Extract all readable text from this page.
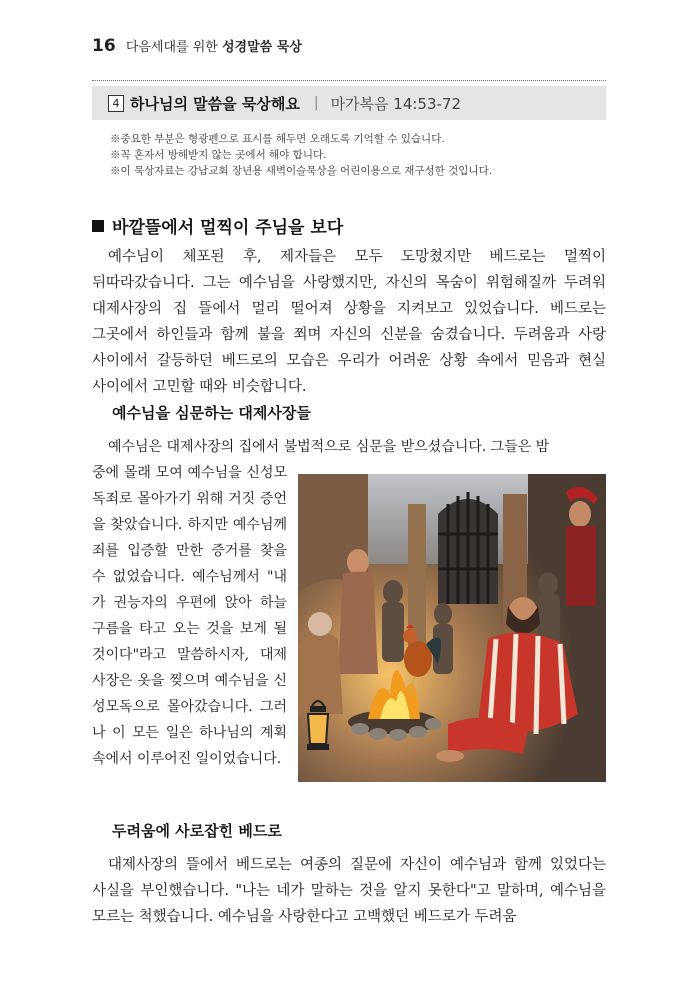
16 다음세대를 위한 성경말씀 묵상
4 하나님의 말씀을 묵상해요 | 마가복음 14:53-72
※중요한 부분은 형광펜으로 표시를 해두면 오래도록 기억할 수 있습니다.
※꼭 혼자서 방해받지 않는 곳에서 해야 합니다.
※이 묵상자료는 강남교회 장년용 새벽이슬묵상을 어린이용으로 재구성한 것입니다.
바깥뜰에서 멀찍이 주님을 보다

예수님이 체포된 후, 제자들은 모두 도망쳤지만 베드로는 멀찍이 뒤따라갔습니다. 그는 예수님을 사랑했지만, 자신의 목숨이 위험해질까 두려워 대제사장의 집 뜰에서 멀리 떨어져 상황을 지켜보고 있었습니다. 베드로는 그곳에서 하인들과 함께 불을 쬐며 자신의 신분을 숨겼습니다. 두려움과 사랑 사이에서 갈등하던 베드로의 모습은 우리가 어려운 상황 속에서 믿음과 현실 사이에서 고민할 때와 비슷합니다.

예수님을 심문하는 대제사장들

예수님은 대제사장의 집에서 불법적으로 심문을 받으셨습니다. 그들은 밤

중에 몰래 모여 예수님을 신성모독죄로 몰아가기 위해 거짓 증언을 찾았습니다. 하지만 예수님께 죄를 입증할 만한 증거를 찾을 수 없었습니다. 예수님께서 "내가 권능자의 우편에 앉아 하늘 구름을 타고 오는 것을 보게 될 것이다"라고 말씀하시자, 대제사장은 옷을 찢으며 예수님을 신성모독으로 몰아갔습니다. 그러나 이 모든 일은 하나님의 계획 속에서 이루어진 일이었습니다.

두려움에 사로잡힌 베드로

대제사장의 뜰에서 베드로는 여종의 질문에 자신이 예수님과 함께 있었다는 사실을 부인했습니다. "나는 네가 말하는 것을 알지 못한다"고 말하며, 예수님을 모르는 척했습니다. 예수님을 사랑한다고 고백했던 베드로가 두려움
